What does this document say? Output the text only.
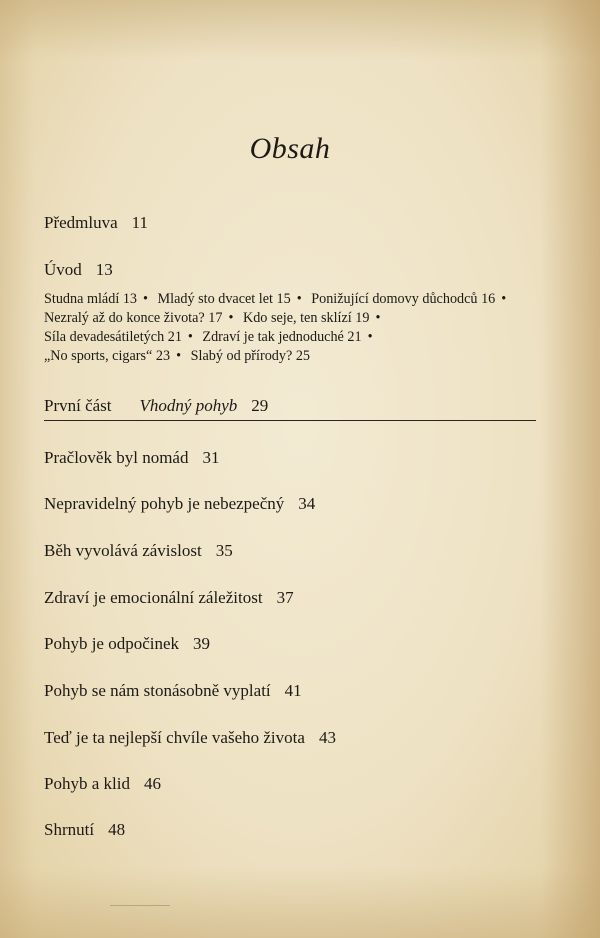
Obsah
Předmluva 11
Úvod 13
Studna mládí 13 • Mladý sto dvacet let 15 • Ponižující domovy důchodců 16 • Nezralý až do konce života? 17 • Kdo seje, ten sklízí 19 • Síla devadesátiletých 21 • Zdraví je tak jednoduché 21 • „No sports, cigars“ 23 • Slabý od přírody? 25
První část Vhodný pohyb 29
Pračlověk byl nomád 31
Nepravidelný pohyb je nebezpečný 34
Běh vyvolává závislost 35
Zdraví je emocionální záležitost 37
Pohyb je odpočinek 39
Pohyb se nám stonásobně vyplatí 41
Teď je ta nejlepší chvíle vašeho života 43
Pohyb a klid 46
Shrnutí 48
